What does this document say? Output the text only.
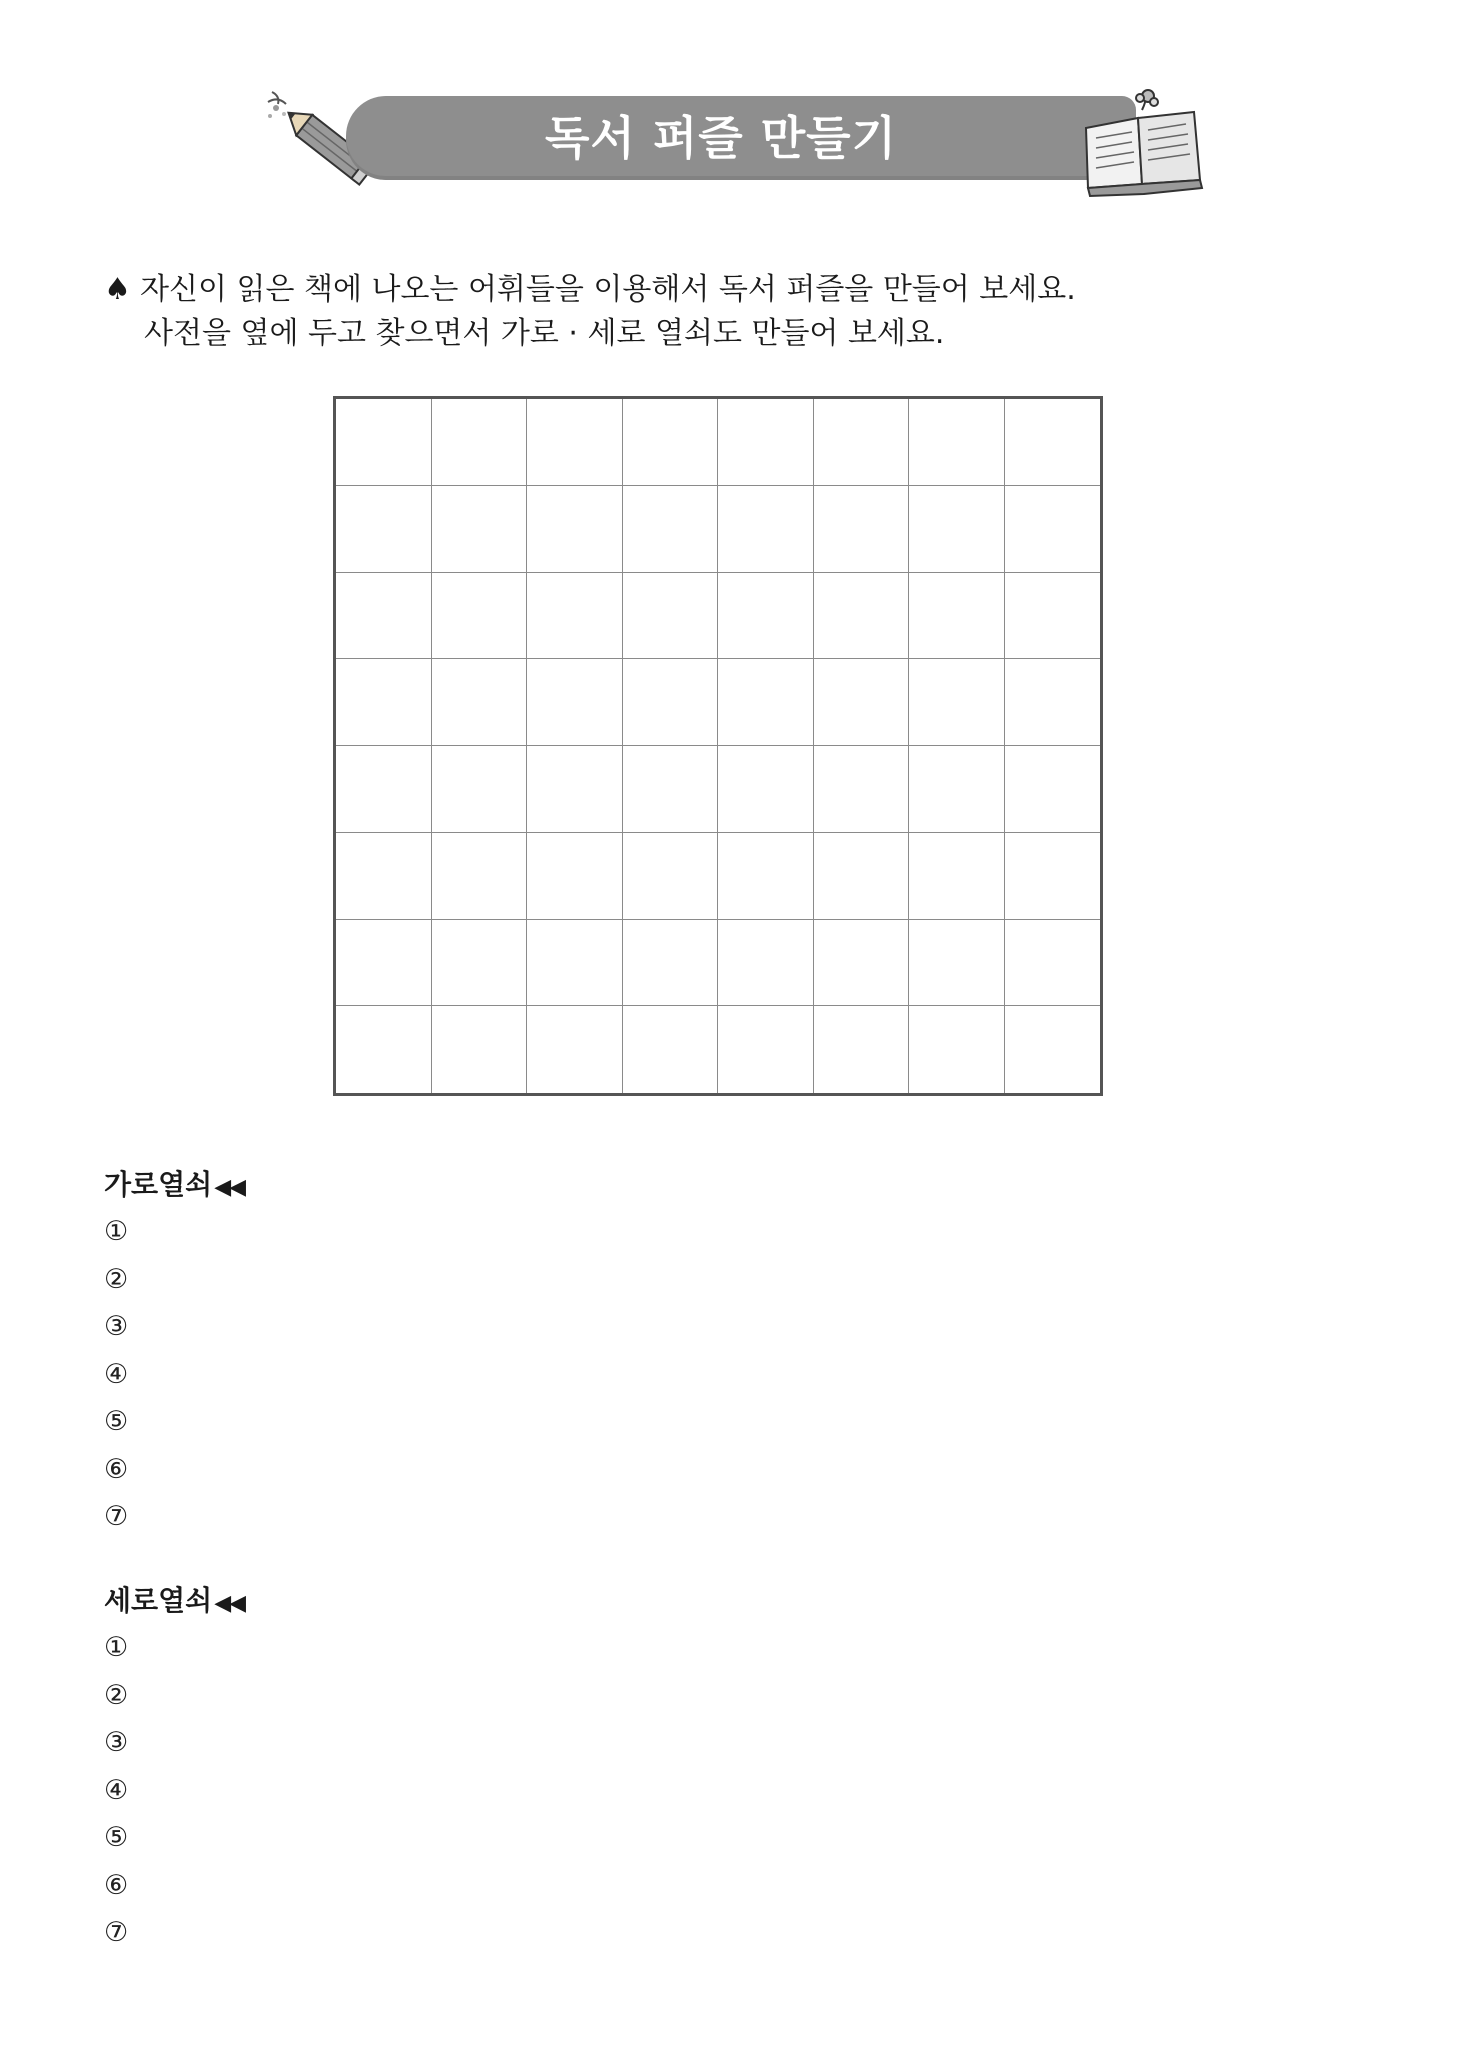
독서 퍼즐 만들기
♠ 자신이 읽은 책에 나오는 어휘들을 이용해서 독서 퍼즐을 만들어 보세요.
사전을 옆에 두고 찾으면서 가로 · 세로 열쇠도 만들어 보세요.
가로열쇠◀◀
①
②
③
④
⑤
⑥
⑦
세로열쇠◀◀
①
②
③
④
⑤
⑥
⑦
